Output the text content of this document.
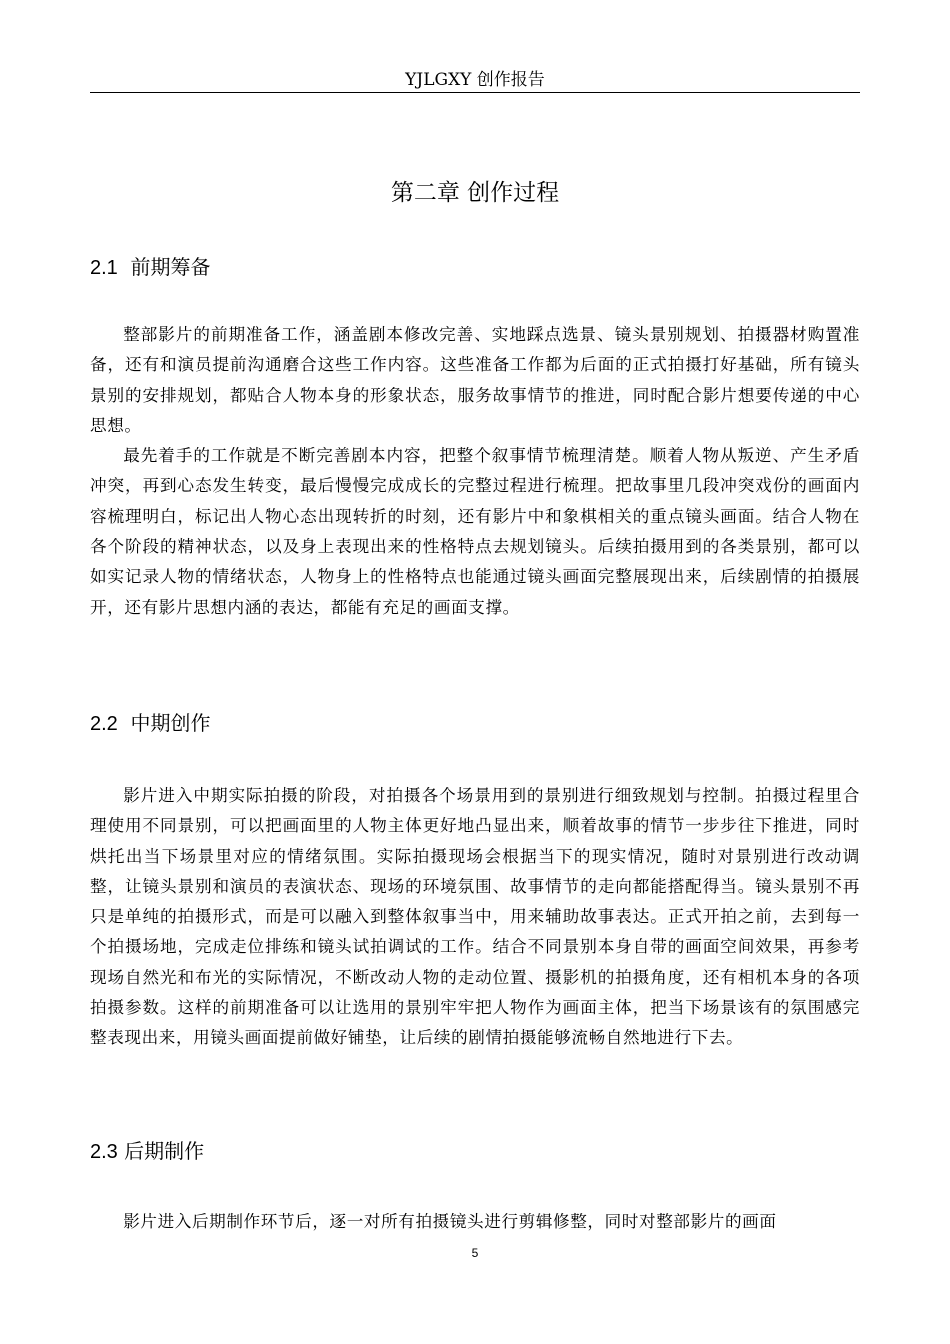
YJLGXY 创作报告
第二章 创作过程
2.1 前期筹备

整部影片的前期准备工作，涵盖剧本修改完善、实地踩点选景、镜头景别规划、拍摄器材购置准备，还有和演员提前沟通磨合这些工作内容。这些准备工作都为后面的正式拍摄打好基础，所有镜头景别的安排规划，都贴合人物本身的形象状态，服务故事情节的推进，同时配合影片想要传递的中心思想。

最先着手的工作就是不断完善剧本内容，把整个叙事情节梳理清楚。顺着人物从叛逆、产生矛盾冲突，再到心态发生转变，最后慢慢完成成长的完整过程进行梳理。把故事里几段冲突戏份的画面内容梳理明白，标记出人物心态出现转折的时刻，还有影片中和象棋相关的重点镜头画面。结合人物在各个阶段的精神状态，以及身上表现出来的性格特点去规划镜头。后续拍摄用到的各类景别，都可以如实记录人物的情绪状态，人物身上的性格特点也能通过镜头画面完整展现出来，后续剧情的拍摄展开，还有影片思想内涵的表达，都能有充足的画面支撑。

2.2 中期创作

影片进入中期实际拍摄的阶段，对拍摄各个场景用到的景别进行细致规划与控制。拍摄过程里合理使用不同景别，可以把画面里的人物主体更好地凸显出来，顺着故事的情节一步步往下推进，同时烘托出当下场景里对应的情绪氛围。实际拍摄现场会根据当下的现实情况，随时对景别进行改动调整，让镜头景别和演员的表演状态、现场的环境氛围、故事情节的走向都能搭配得当。镜头景别不再只是单纯的拍摄形式，而是可以融入到整体叙事当中，用来辅助故事表达。正式开拍之前，去到每一个拍摄场地，完成走位排练和镜头试拍调试的工作。结合不同景别本身自带的画面空间效果，再参考现场自然光和布光的实际情况，不断改动人物的走动位置、摄影机的拍摄角度，还有相机本身的各项拍摄参数。这样的前期准备可以让选用的景别牢牢把人物作为画面主体，把当下场景该有的氛围感完整表现出来，用镜头画面提前做好铺垫，让后续的剧情拍摄能够流畅自然地进行下去。

2.3 后期制作

影片进入后期制作环节后，逐一对所有拍摄镜头进行剪辑修整，同时对整部影片的画面

5
